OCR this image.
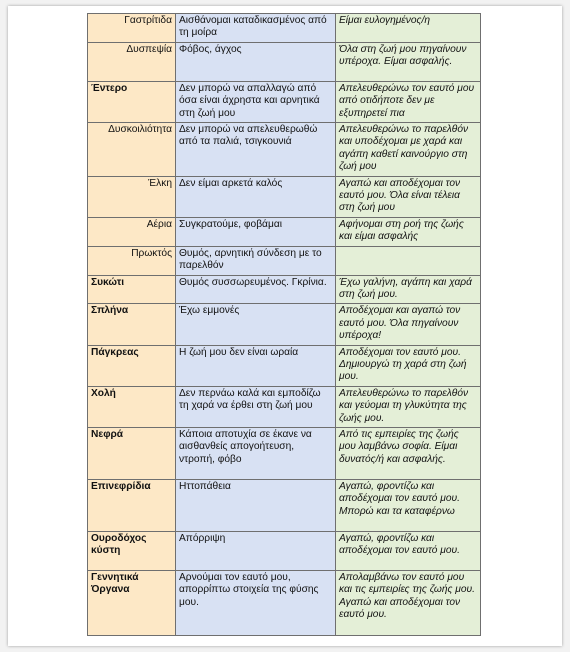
Γαστρίτιδα	Αισθάνομαι καταδικασμένος από τη μοίρα	Είμαι ευλογημένος/η
Δυσπεψία	Φόβος, άγχος	Όλα στη ζωή μου πηγαίνουν υπέροχα. Είμαι ασφαλής.
Έντερο	Δεν μπορώ να απαλλαγώ από όσα είναι άχρηστα και αρνητικά στη ζωή μου	Απελευθερώνω τον εαυτό μου από οτιδήποτε δεν με εξυπηρετεί πια
Δυσκοιλιότητα	Δεν μπορώ να απελευθερωθώ από τα παλιά, τσιγκουνιά	Απελευθερώνω το παρελθόν και υποδέχομαι με χαρά και αγάπη καθετί καινούργιο στη ζωή μου
Έλκη	Δεν είμαι αρκετά καλός	Αγαπώ και αποδέχομαι τον εαυτό μου. Όλα είναι τέλεια στη ζωή μου
Αέρια	Συγκρατούμε, φοβάμαι	Αφήνομαι στη ροή της ζωής και είμαι ασφαλής
Πρωκτός	Θυμός, αρνητική σύνδεση με το παρελθόν	
Συκώτι	Θυμός συσσωρευμένος. Γκρίνια.	Έχω γαλήνη, αγάπη και χαρά στη ζωή μου.
Σπλήνα	Έχω εμμονές	Αποδέχομαι και αγαπώ τον εαυτό μου. Όλα πηγαίνουν υπέροχα!
Πάγκρεας	Η ζωή μου δεν είναι ωραία	Αποδέχομαι τον εαυτό μου. Δημιουργώ τη χαρά στη ζωή μου.
Χολή	Δεν περνάω καλά και εμποδίζω τη χαρά να έρθει στη ζωή μου	Απελευθερώνω το παρελθόν και γεύομαι τη γλυκύτητα της ζωής μου.
Νεφρά	Κάποια αποτυχία σε έκανε να αισθανθείς απογοήτευση, ντροπή, φόβο	Από τις εμπειρίες της ζωής μου λαμβάνω σοφία. Είμαι δυνατός/ή και ασφαλής.
Επινεφρίδια	Ηττοπάθεια	Αγαπώ, φροντίζω και αποδέχομαι τον εαυτό μου. Μπορώ και τα καταφέρνω
Ουροδόχος κύστη	Απόρριψη	Αγαπώ, φροντίζω και αποδέχομαι τον εαυτό μου.
Γεννητικά Όργανα	Αρνούμαι τον εαυτό μου, απορρίπτω στοιχεία της φύσης μου.	Απολαμβάνω τον εαυτό μου και τις εμπειρίες της ζωής μου. Αγαπώ και αποδέχομαι τον εαυτό μου.
